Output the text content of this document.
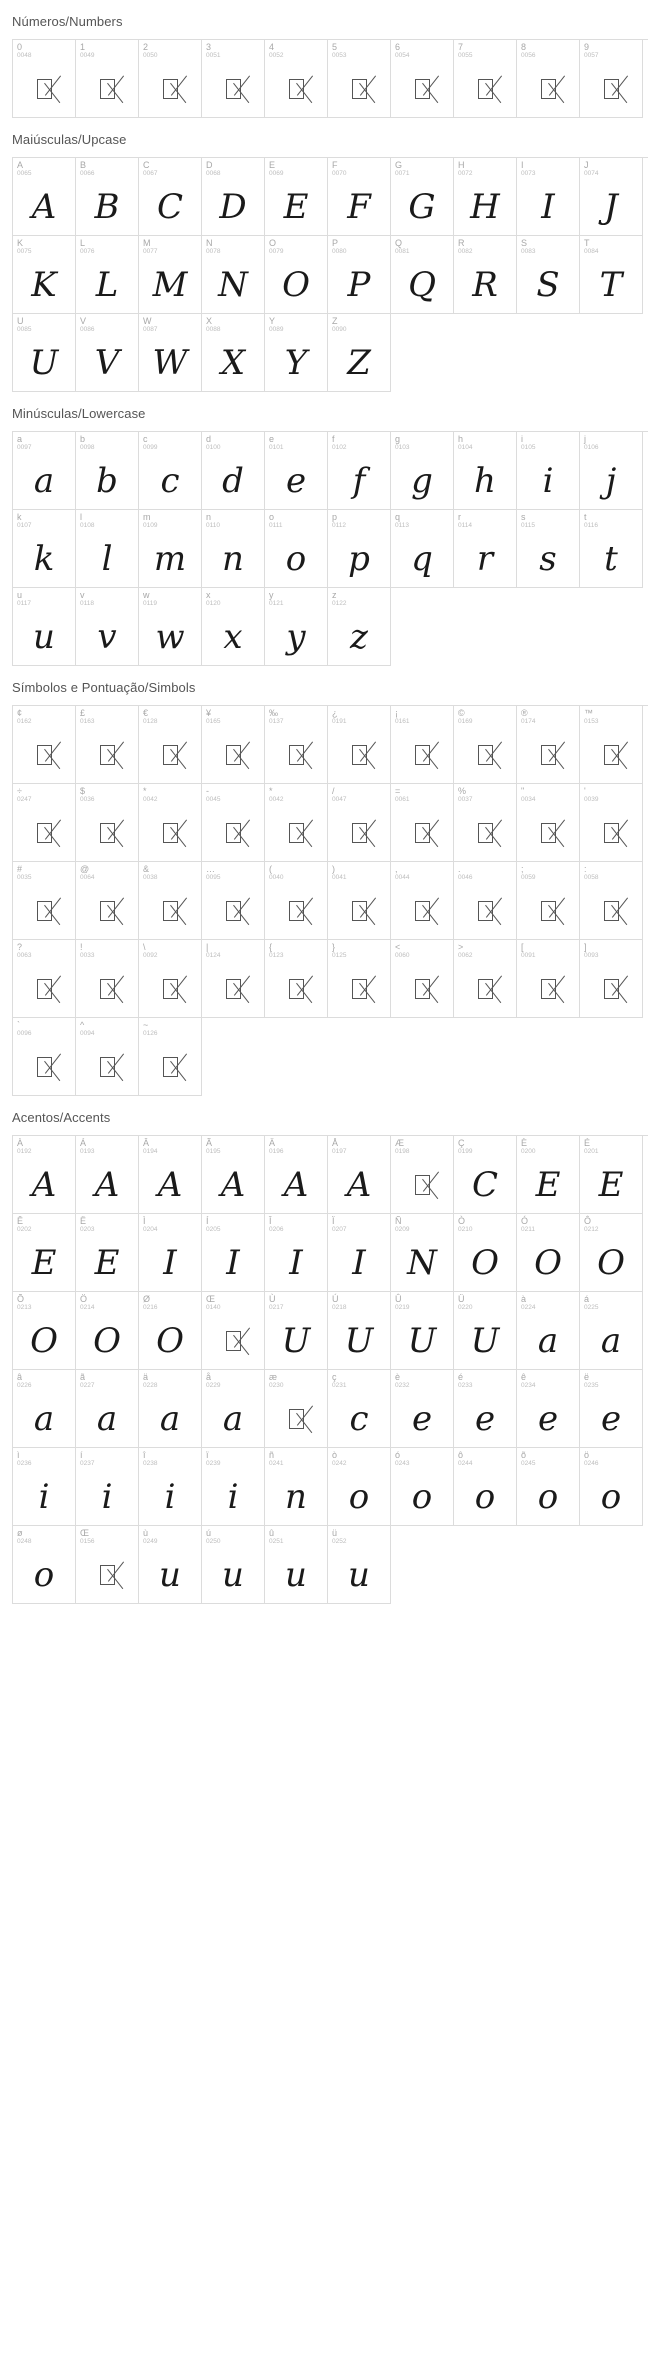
Números/Numbers
0
0048
1
0049
2
0050
3
0051
4
0052
5
0053
6
0054
7
0055
8
0056
9
0057
Maiúsculas/Upcase
A
0065
A
B
0066
B
C
0067
C
D
0068
D
E
0069
E
F
0070
F
G
0071
G
H
0072
H
I
0073
I
J
0074
J
K
0075
K
L
0076
L
M
0077
M
N
0078
N
O
0079
O
P
0080
P
Q
0081
Q
R
0082
R
S
0083
S
T
0084
T
U
0085
U
V
0086
V
W
0087
W
X
0088
X
Y
0089
Y
Z
0090
Z
Minúsculas/Lowercase
a
0097
a
b
0098
b
c
0099
c
d
0100
d
e
0101
e
f
0102
f
g
0103
g
h
0104
h
i
0105
i
j
0106
j
k
0107
k
l
0108
l
m
0109
m
n
0110
n
o
0111
o
p
0112
p
q
0113
q
r
0114
r
s
0115
s
t
0116
t
u
0117
u
v
0118
v
w
0119
w
x
0120
x
y
0121
y
z
0122
z
Símbolos e Pontuação/Simbols
¢
0162
£
0163
€
0128
¥
0165
‰
0137
¿
0191
¡
0161
©
0169
®
0174
™
0153
÷
0247
$
0036
*
0042
-
0045
*
0042
/
0047
=
0061
%
0037
"
0034
'
0039
#
0035
@
0064
&
0038
…
0095
(
0040
)
0041
,
0044
.
0046
;
0059
:
0058
?
0063
!
0033
\
0092
|
0124
{
0123
}
0125
<
0060
>
0062
[
0091
]
0093
`
0096
^
0094
~
0126
Acentos/Accents
À
0192
A
Á
0193
A
Â
0194
A
Ã
0195
A
Ä
0196
A
Å
0197
A
Æ
0198
Ç
0199
C
È
0200
E
É
0201
E
Ê
0202
E
Ë
0203
E
Ì
0204
I
Í
0205
I
Î
0206
I
Ï
0207
I
Ñ
0209
N
Ò
0210
O
Ó
0211
O
Ô
0212
O
Õ
0213
O
Ö
0214
O
Ø
0216
O
Œ
0140
Ù
0217
U
Ú
0218
U
Û
0219
U
Ü
0220
U
à
0224
a
á
0225
a
â
0226
a
ã
0227
a
ä
0228
a
å
0229
a
æ
0230
ç
0231
c
è
0232
e
é
0233
e
ê
0234
e
ë
0235
e
ì
0236
i
í
0237
i
î
0238
i
ï
0239
i
ñ
0241
n
ò
0242
o
ó
0243
o
ô
0244
o
õ
0245
o
ö
0246
o
ø
0248
o
Œ
0156
ù
0249
u
ú
0250
u
û
0251
u
ü
0252
u
